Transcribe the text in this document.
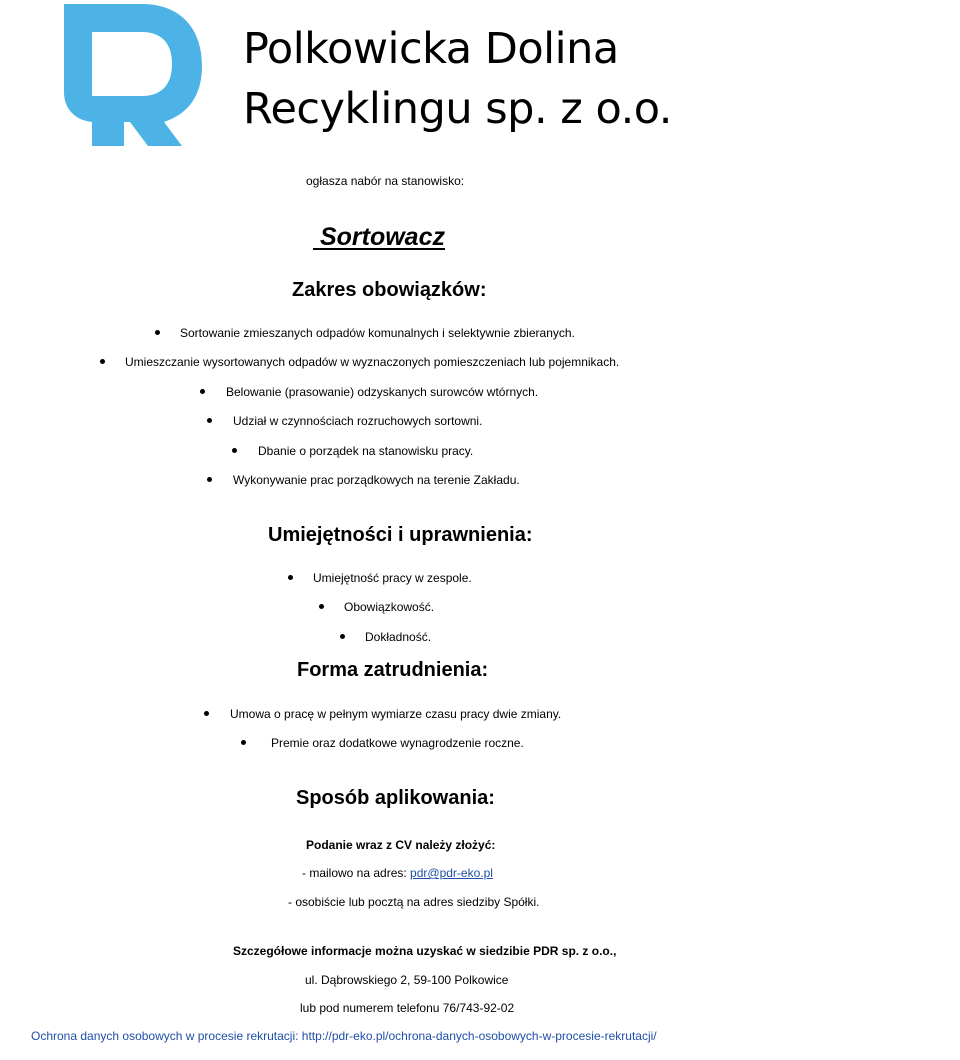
Polkowicka Dolina
Recyklingu sp. z o.o.
ogłasza nabór na stanowisko:
Sortowacz
Zakres obowiązków:
Sortowanie zmieszanych odpadów komunalnych i selektywnie zbieranych.
Umieszczanie wysortowanych odpadów w wyznaczonych pomieszczeniach lub pojemnikach.
Belowanie (prasowanie) odzyskanych surowców wtórnych.
Udział w czynnościach rozruchowych sortowni.
Dbanie o porządek na stanowisku pracy.
Wykonywanie prac porządkowych na terenie Zakładu.
Umiejętności i uprawnienia:
Umiejętność pracy w zespole.
Obowiązkowość.
Dokładność.
Forma zatrudnienia:
Umowa o pracę w pełnym wymiarze czasu pracy dwie zmiany.
Premie oraz dodatkowe wynagrodzenie roczne.
Sposób aplikowania:
Podanie wraz z CV należy złożyć:
- mailowo na adres: pdr@pdr-eko.pl
- osobiście lub pocztą na adres siedziby Spółki.
Szczegółowe informacje można uzyskać w siedzibie PDR sp. z o.o.,
ul. Dąbrowskiego 2, 59-100 Polkowice
lub pod numerem telefonu 76/743-92-02
Ochrona danych osobowych w procesie rekrutacji: http://pdr-eko.pl/ochrona-danych-osobowych-w-procesie-rekrutacji/
